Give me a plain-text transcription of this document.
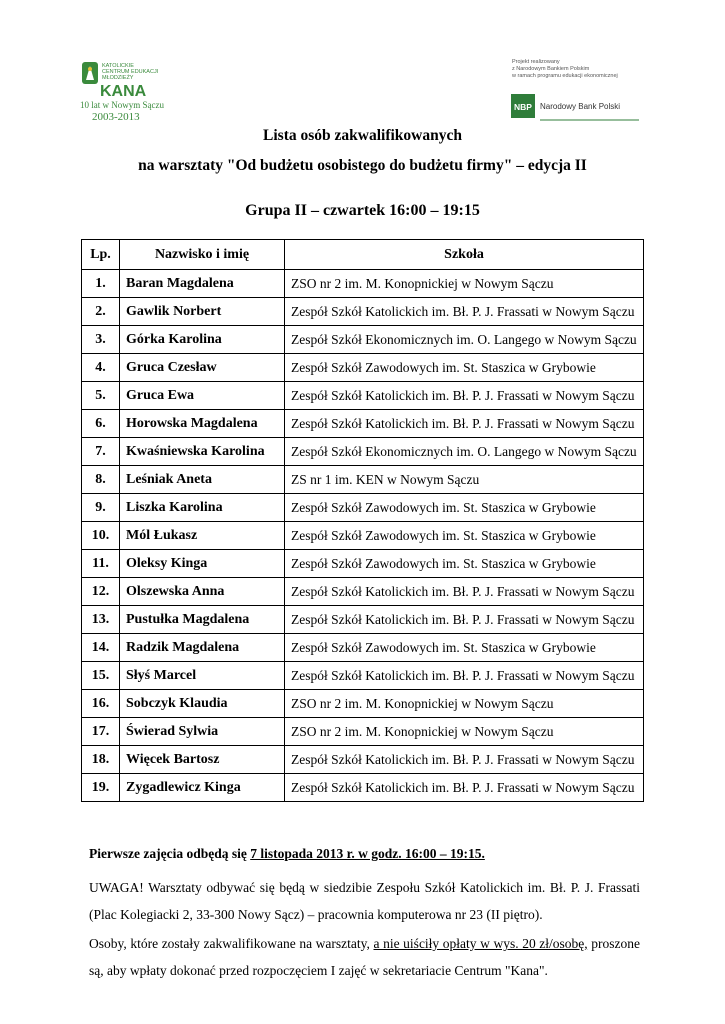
KATOLICKIE
CENTRUM EDUKACJI
MŁODZIEŻY
KANA
10 lat w Nowym Sączu
2003-2013
Projekt realizowany
z Narodowym Bankiem Polskim
w ramach programu edukacji ekonomicznej
NBP Narodowy Bank Polski
Lista osób zakwalifikowanych
na warsztaty "Od budżetu osobistego do budżetu firmy" – edycja II
Grupa II – czwartek 16:00 – 19:15
Lp.	Nazwisko i imię	Szkoła
1.	Baran Magdalena	ZSO nr 2 im. M. Konopnickiej w Nowym Sączu
2.	Gawlik Norbert	Zespół Szkół Katolickich im. Bł. P. J. Frassati w Nowym Sączu
3.	Górka Karolina	Zespół Szkół Ekonomicznych im. O. Langego w Nowym Sączu
4.	Gruca Czesław	Zespół Szkół Zawodowych im. St. Staszica w Grybowie
5.	Gruca Ewa	Zespół Szkół Katolickich im. Bł. P. J. Frassati w Nowym Sączu
6.	Horowska Magdalena	Zespół Szkół Katolickich im. Bł. P. J. Frassati w Nowym Sączu
7.	Kwaśniewska Karolina	Zespół Szkół Ekonomicznych im. O. Langego w Nowym Sączu
8.	Leśniak Aneta	ZS nr 1 im. KEN w Nowym Sączu
9.	Liszka Karolina	Zespół Szkół Zawodowych im. St. Staszica w Grybowie
10.	Mól Łukasz	Zespół Szkół Zawodowych im. St. Staszica w Grybowie
11.	Oleksy Kinga	Zespół Szkół Zawodowych im. St. Staszica w Grybowie
12.	Olszewska Anna	Zespół Szkół Katolickich im. Bł. P. J. Frassati w Nowym Sączu
13.	Pustułka Magdalena	Zespół Szkół Katolickich im. Bł. P. J. Frassati w Nowym Sączu
14.	Radzik Magdalena	Zespół Szkół Zawodowych im. St. Staszica w Grybowie
15.	Słyś Marcel	Zespół Szkół Katolickich im. Bł. P. J. Frassati w Nowym Sączu
16.	Sobczyk Klaudia	ZSO nr 2 im. M. Konopnickiej w Nowym Sączu
17.	Świerad Sylwia	ZSO nr 2 im. M. Konopnickiej w Nowym Sączu
18.	Więcek Bartosz	Zespół Szkół Katolickich im. Bł. P. J. Frassati w Nowym Sączu
19.	Zygadlewicz Kinga	Zespół Szkół Katolickich im. Bł. P. J. Frassati w Nowym Sączu
Pierwsze zajęcia odbędą się 7 listopada 2013 r. w godz. 16:00 – 19:15.
UWAGA! Warsztaty odbywać się będą w siedzibie Zespołu Szkół Katolickich im. Bł. P. J. Frassati (Plac Kolegiacki 2, 33-300 Nowy Sącz) – pracownia komputerowa nr 23 (II piętro).
Osoby, które zostały zakwalifikowane na warsztaty, a nie uiściły opłaty w wys. 20 zł/osobę, proszone są, aby wpłaty dokonać przed rozpoczęciem I zajęć w sekretariacie Centrum "Kana".
